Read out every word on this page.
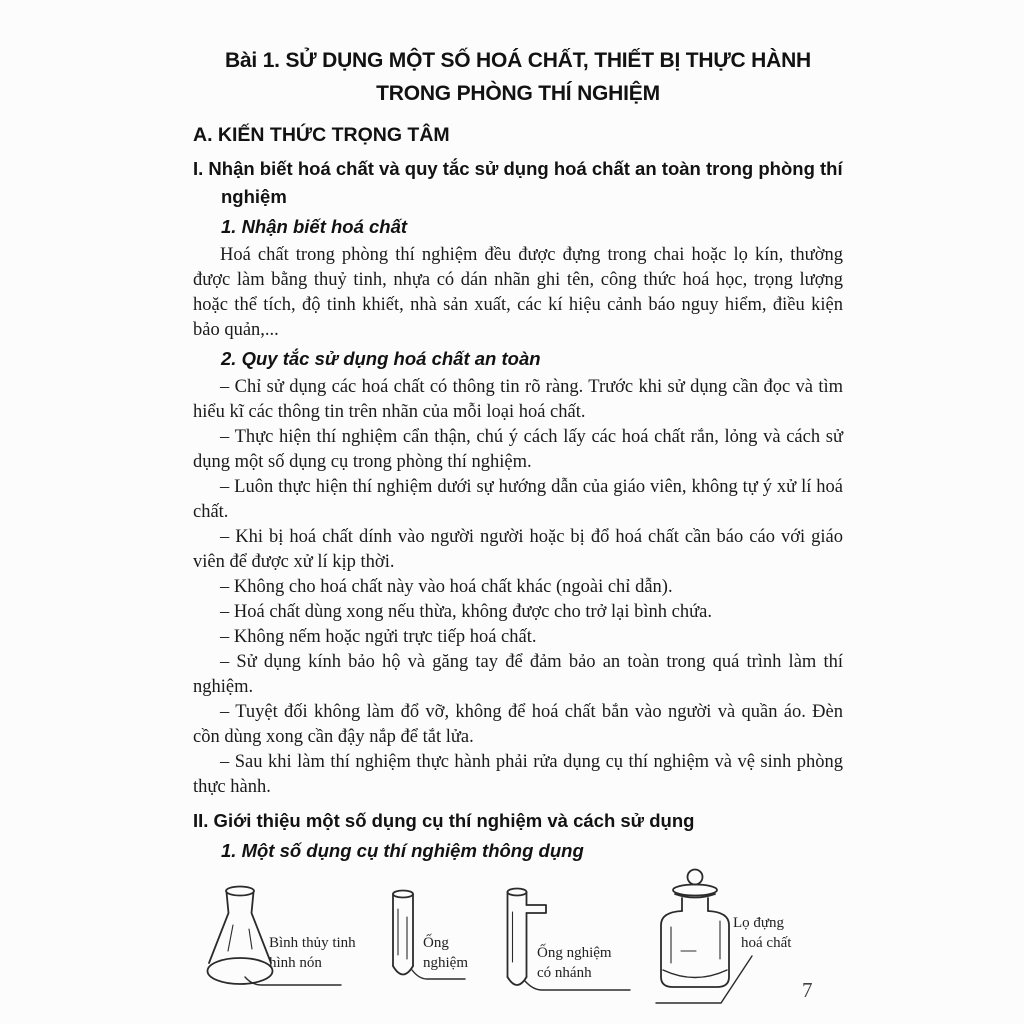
Bài 1. SỬ DỤNG MỘT SỐ HOÁ CHẤT, THIẾT BỊ THỰC HÀNH
TRONG PHÒNG THÍ NGHIỆM
A. KIẾN THỨC TRỌNG TÂM
I. Nhận biết hoá chất và quy tắc sử dụng hoá chất an toàn trong phòng thí nghiệm
1. Nhận biết hoá chất

Hoá chất trong phòng thí nghiệm đều được đựng trong chai hoặc lọ kín, thường được làm bằng thuỷ tinh, nhựa có dán nhãn ghi tên, công thức hoá học, trọng lượng hoặc thể tích, độ tinh khiết, nhà sản xuất, các kí hiệu cảnh báo nguy hiểm, điều kiện bảo quản,...

2. Quy tắc sử dụng hoá chất an toàn

– Chỉ sử dụng các hoá chất có thông tin rõ ràng. Trước khi sử dụng cần đọc và tìm hiểu kĩ các thông tin trên nhãn của mỗi loại hoá chất.

– Thực hiện thí nghiệm cẩn thận, chú ý cách lấy các hoá chất rắn, lỏng và cách sử dụng một số dụng cụ trong phòng thí nghiệm.

– Luôn thực hiện thí nghiệm dưới sự hướng dẫn của giáo viên, không tự ý xử lí hoá chất.

– Khi bị hoá chất dính vào người người hoặc bị đổ hoá chất cần báo cáo với giáo viên để được xử lí kịp thời.

– Không cho hoá chất này vào hoá chất khác (ngoài chỉ dẫn).

– Hoá chất dùng xong nếu thừa, không được cho trở lại bình chứa.

– Không nếm hoặc ngửi trực tiếp hoá chất.

– Sử dụng kính bảo hộ và găng tay để đảm bảo an toàn trong quá trình làm thí nghiệm.

– Tuyệt đối không làm đổ vỡ, không để hoá chất bắn vào người và quần áo. Đèn cồn dùng xong cần đậy nắp để tắt lửa.

– Sau khi làm thí nghiệm thực hành phải rửa dụng cụ thí nghiệm và vệ sinh phòng thực hành.

II. Giới thiệu một số dụng cụ thí nghiệm và cách sử dụng
1. Một số dụng cụ thí nghiệm thông dụng
Bình thủy tinh
hình nón
Ống
nghiệm
Ống nghiệm
có nhánh
Lọ đựng
hoá chất
7
